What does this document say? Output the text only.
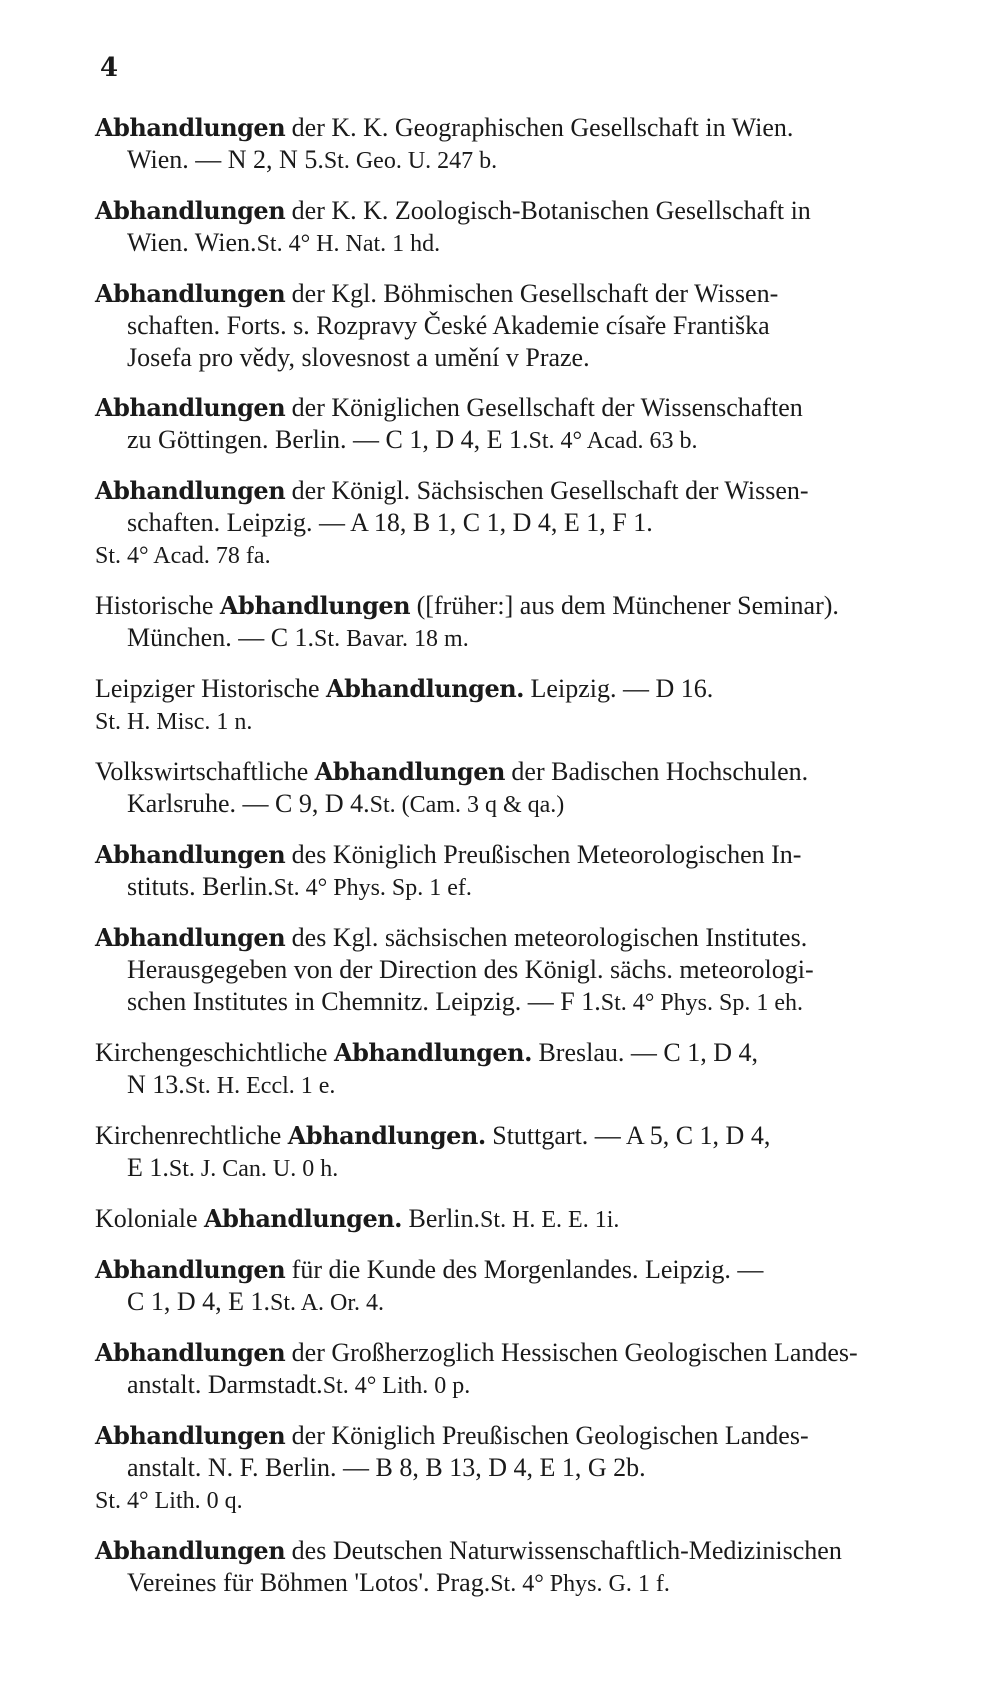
4
Abhandlungen der K. K. Geographischen Gesellschaft in Wien.
Wien. — N 2, N 5.St. Geo. U. 247 b.
Abhandlungen der K. K. Zoologisch-Botanischen Gesellschaft in
Wien. Wien.St. 4° H. Nat. 1 hd.
Abhandlungen der Kgl. Böhmischen Gesellschaft der Wissen-
schaften. Forts. s. Rozpravy České Akademie císaře Františka
Josefa pro vědy, slovesnost a umění v Praze.
Abhandlungen der Königlichen Gesellschaft der Wissenschaften
zu Göttingen. Berlin. — C 1, D 4, E 1.St. 4° Acad. 63 b.
Abhandlungen der Königl. Sächsischen Gesellschaft der Wissen-
schaften. Leipzig. — A 18, B 1, C 1, D 4, E 1, F 1.
St. 4° Acad. 78 fa.
Historische Abhandlungen ([früher:] aus dem Münchener Seminar).
München. — C 1.St. Bavar. 18 m.
Leipziger Historische Abhandlungen. Leipzig. — D 16.
St. H. Misc. 1 n.
Volkswirtschaftliche Abhandlungen der Badischen Hochschulen.
Karlsruhe. — C 9, D 4.St. (Cam. 3 q & qa.)
Abhandlungen des Königlich Preußischen Meteorologischen In-
stituts. Berlin.St. 4° Phys. Sp. 1 ef.
Abhandlungen des Kgl. sächsischen meteorologischen Institutes.
Herausgegeben von der Direction des Königl. sächs. meteorologi-
schen Institutes in Chemnitz. Leipzig. — F 1.St. 4° Phys. Sp. 1 eh.
Kirchengeschichtliche Abhandlungen. Breslau. — C 1, D 4,
N 13.St. H. Eccl. 1 e.
Kirchenrechtliche Abhandlungen. Stuttgart. — A 5, C 1, D 4,
E 1.St. J. Can. U. 0 h.
Koloniale Abhandlungen. Berlin.St. H. E. E. 1i.
Abhandlungen für die Kunde des Morgenlandes. Leipzig. —
C 1, D 4, E 1.St. A. Or. 4.
Abhandlungen der Großherzoglich Hessischen Geologischen Landes-
anstalt. Darmstadt.St. 4° Lith. 0 p.
Abhandlungen der Königlich Preußischen Geologischen Landes-
anstalt. N. F. Berlin. — B 8, B 13, D 4, E 1, G 2b.
St. 4° Lith. 0 q.
Abhandlungen des Deutschen Naturwissenschaftlich-Medizinischen
Vereines für Böhmen 'Lotos'. Prag.St. 4° Phys. G. 1 f.
